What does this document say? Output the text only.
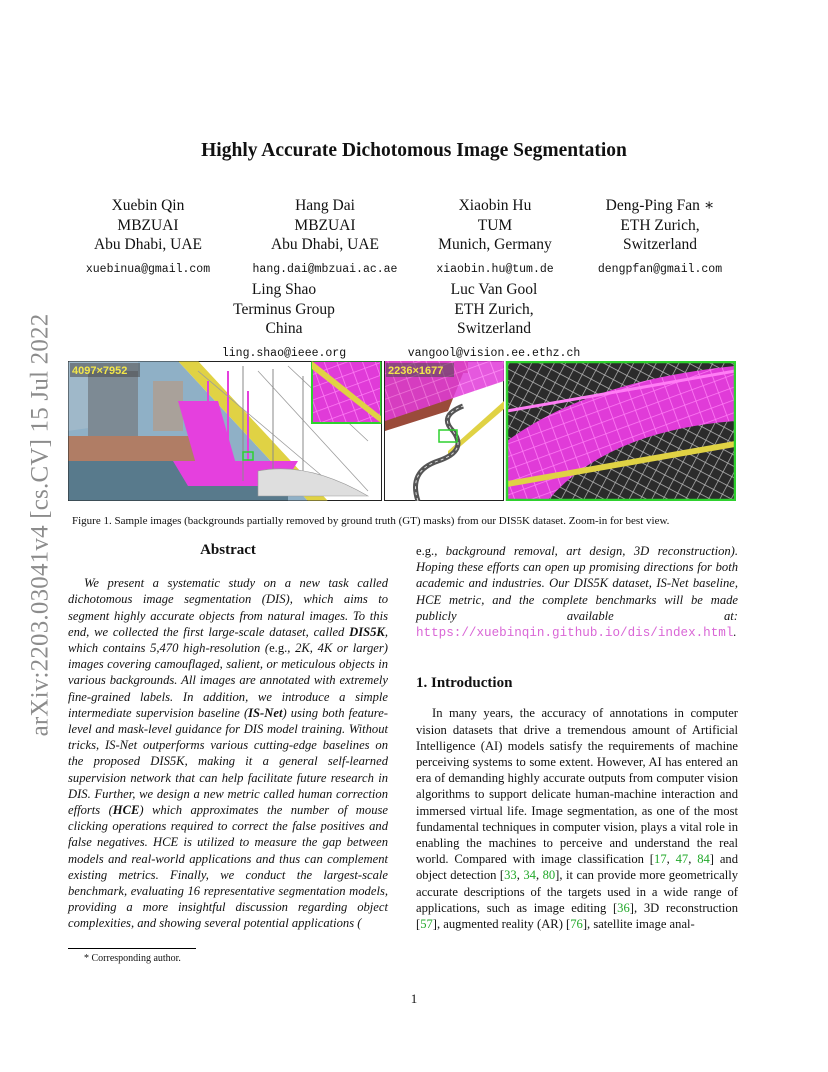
arXiv:2203.03041v4 [cs.CV] 15 Jul 2022
Highly Accurate Dichotomous Image Segmentation
Xuebin Qin
MBZUAI
Abu Dhabi, UAE
xuebinua@gmail.com
Hang Dai
MBZUAI
Abu Dhabi, UAE
hang.dai@mbzuai.ac.ae
Xiaobin Hu
TUM
Munich, Germany
xiaobin.hu@tum.de
Deng-Ping Fan ∗
ETH Zurich,
Switzerland
dengpfan@gmail.com
Ling Shao
Terminus Group
China
ling.shao@ieee.org
Luc Van Gool
ETH Zurich,
Switzerland
vangool@vision.ee.ethz.ch
4097×7952	2236×1677
Figure 1. Sample images (backgrounds partially removed by ground truth (GT) masks) from our DIS5K dataset. Zoom-in for best view.

Abstract

We present a systematic study on a new task called dichotomous image segmentation (DIS), which aims to segment highly accurate objects from natural images. To this end, we collected the first large-scale dataset, called DIS5K, which contains 5,470 high-resolution (e.g., 2K, 4K or larger) images covering camouflaged, salient, or meticulous objects in various backgrounds. All images are annotated with extremely fine-grained labels. In addition, we introduce a simple intermediate supervision baseline (IS-Net) using both feature-level and mask-level guidance for DIS model training. Without tricks, IS-Net outperforms various cutting-edge baselines on the proposed DIS5K, making it a general self-learned supervision network that can help facilitate future research in DIS. Further, we design a new metric called human correction efforts (HCE) which approximates the number of mouse clicking operations required to correct the false positives and false negatives. HCE is utilized to measure the gap between models and real-world applications and thus can complement existing metrics. Finally, we conduct the largest-scale benchmark, evaluating 16 representative segmentation models, providing a more insightful discussion regarding object complexities, and showing several potential applications (

e.g., background removal, art design, 3D reconstruction). Hoping these efforts can open up promising directions for both academic and industries. Our DIS5K dataset, IS-Net baseline, HCE metric, and the complete benchmarks will be made publicly available at: https://xuebinqin.github.io/dis/index.html.

1. Introduction

In many years, the accuracy of annotations in computer vision datasets that drive a tremendous amount of Artificial Intelligence (AI) models satisfy the requirements of machine perceiving systems to some extent. However, AI has entered an era of demanding highly accurate outputs from computer vision algorithms to support delicate human-machine interaction and immersed virtual life. Image segmentation, as one of the most fundamental techniques in computer vision, plays a vital role in enabling the machines to perceive and understand the real world. Compared with image classification [17, 47, 84] and object detection [33, 34, 80], it can provide more geometrically accurate descriptions of the targets used in a wide range of applications, such as image editing [36], 3D reconstruction [57], augmented reality (AR) [76], satellite image anal-

* Corresponding author.
1
